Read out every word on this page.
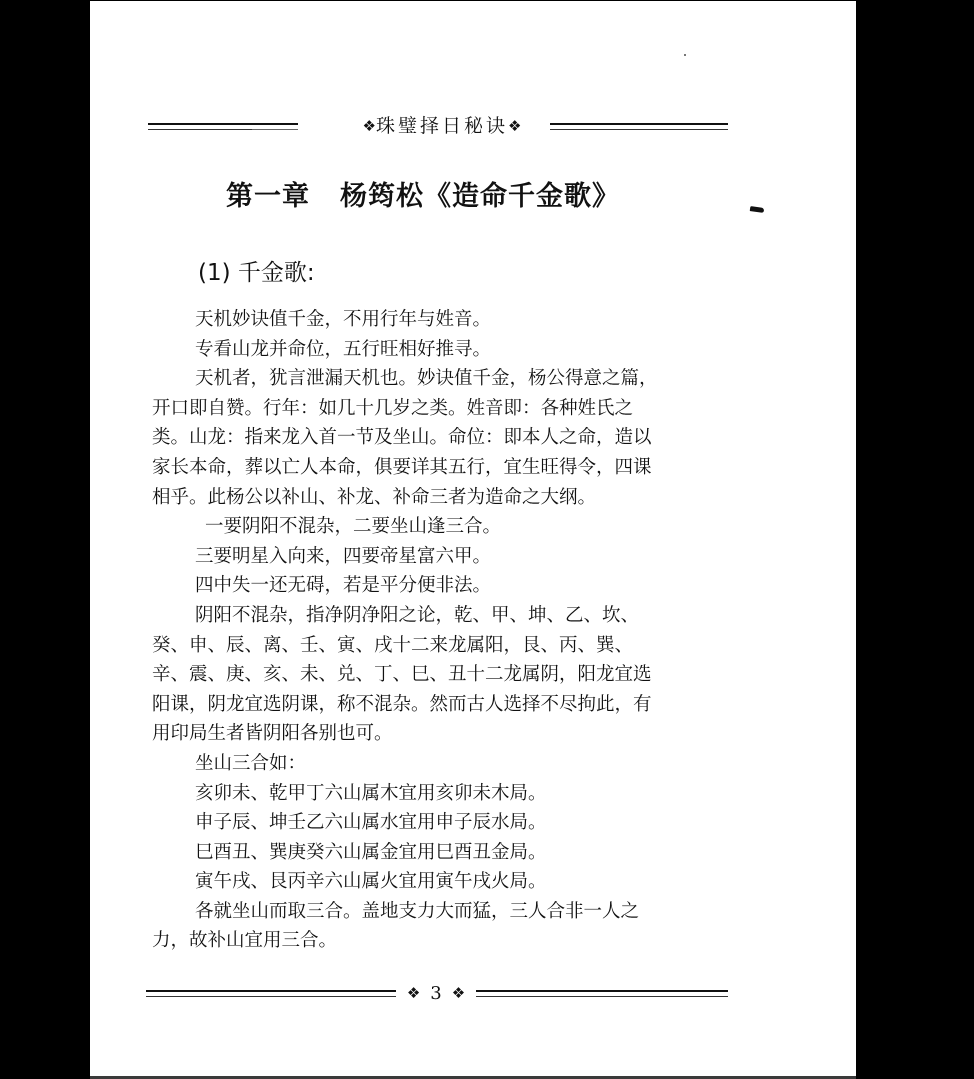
❖珠璧择日秘诀❖
第一章 杨筠松《造命千金歌》
(1) 千金歌:

天机妙诀值千金，不用行年与姓音。

专看山龙并命位，五行旺相好推寻。

天机者，犹言泄漏天机也。妙诀值千金，杨公得意之篇，

开口即自赞。行年：如几十几岁之类。姓音即：各种姓氏之

类。山龙：指来龙入首一节及坐山。命位：即本人之命，造以

家长本命，葬以亡人本命，俱要详其五行，宜生旺得令，四课

相乎。此杨公以补山、补龙、补命三者为造命之大纲。

一要阴阳不混杂，二要坐山逢三合。

三要明星入向来，四要帝星富六甲。

四中失一还无碍，若是平分便非法。

阴阳不混杂，指净阴净阳之论，乾、甲、坤、乙、坎、

癸、申、辰、离、壬、寅、戌十二来龙属阳，艮、丙、巽、

辛、震、庚、亥、未、兑、丁、巳、丑十二龙属阴，阳龙宜选

阳课，阴龙宜选阴课，称不混杂。然而古人选择不尽拘此，有

用印局生者皆阴阳各别也可。

坐山三合如：

亥卯未、乾甲丁六山属木宜用亥卯未木局。

申子辰、坤壬乙六山属水宜用申子辰水局。

巳酉丑、巽庚癸六山属金宜用巳酉丑金局。

寅午戌、艮丙辛六山属火宜用寅午戌火局。

各就坐山而取三合。盖地支力大而猛，三人合非一人之

力，故补山宜用三合。

❖ 3 ❖
